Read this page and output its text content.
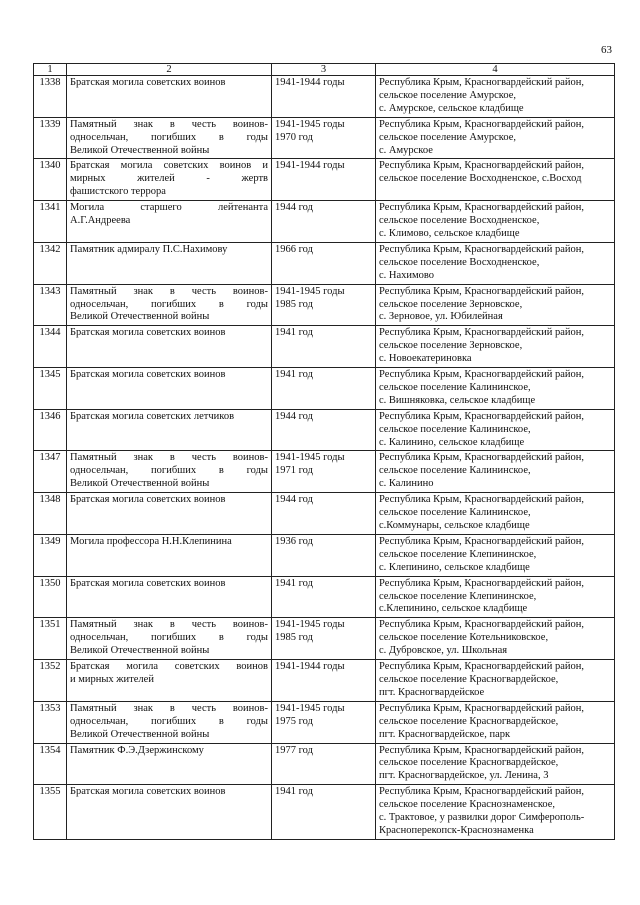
63
1	2	3	4
1338	Братская могила советских воинов	1941-1944 годы	Республика Крым, Красногвардейский район,
сельское поселение Амурское,
с. Амурское, сельское кладбище

1339	Памятный знак в честь воинов-
односельчан, погибших в годы
Великой Отечественной войны	1941-1945 годы
1970 год	Республика Крым, Красногвардейский район,
сельское поселение Амурское,
с. Амурское

1340	Братская могила советских воинов и
мирных жителей - жертв
фашистского террора	1941-1944 годы	Республика Крым, Красногвардейский район,
сельское поселение Восходненское, с.Восход

1341	Могила старшего лейтенанта
А.Г.Андреева	1944 год	Республика Крым, Красногвардейский район,
сельское поселение Восходненское,
с. Климово, сельское кладбище

1342	Памятник адмиралу П.С.Нахимову	1966 год	Республика Крым, Красногвардейский район,
сельское поселение Восходненское,
с. Нахимово

1343	Памятный знак в честь воинов-
односельчан, погибших в годы
Великой Отечественной войны	1941-1945 годы
1985 год	Республика Крым, Красногвардейский район,
сельское поселение Зерновское,
с. Зерновое, ул. Юбилейная

1344	Братская могила советских воинов	1941 год	Республика Крым, Красногвардейский район,
сельское поселение Зерновское,
с. Новоекатериновка

1345	Братская могила советских воинов	1941 год	Республика Крым, Красногвардейский район,
сельское поселение Калининское,
с. Вишняковка, сельское кладбище

1346	Братская могила советских летчиков	1944 год	Республика Крым, Красногвардейский район,
сельское поселение Калининское,
с. Калинино, сельское кладбище

1347	Памятный знак в честь воинов-
односельчан, погибших в годы
Великой Отечественной войны	1941-1945 годы
1971 год	Республика Крым, Красногвардейский район,
сельское поселение Калининское,
с. Калинино

1348	Братская могила советских воинов	1944 год	Республика Крым, Красногвардейский район,
сельское поселение Калининское,
с.Коммунары, сельское кладбище

1349	Могила профессора Н.Н.Клепинина	1936 год	Республика Крым, Красногвардейский район,
сельское поселение Клепининское,
с. Клепинино, сельское кладбище

1350	Братская могила советских воинов	1941 год	Республика Крым, Красногвардейский район,
сельское поселение Клепининское,
с.Клепинино, сельское кладбище

1351	Памятный знак в честь воинов-
односельчан, погибших в годы
Великой Отечественной войны	1941-1945 годы
1985 год	Республика Крым, Красногвардейский район,
сельское поселение Котельниковское,
с. Дубровское, ул. Школьная

1352	Братская могила советских воинов
и мирных жителей	1941-1944 годы	Республика Крым, Красногвардейский район,
сельское поселение Красногвардейское,
пгт. Красногвардейское

1353	Памятный знак в честь воинов-
односельчан, погибших в годы
Великой Отечественной войны	1941-1945 годы
1975 год	Республика Крым, Красногвардейский район,
сельское поселение Красногвардейское,
пгт. Красногвардейское, парк

1354	Памятник Ф.Э.Дзержинскому	1977 год	Республика Крым, Красногвардейский район,
сельское поселение Красногвардейское,
пгт. Красногвардейское, ул. Ленина, 3

1355	Братская могила советских воинов	1941 год	Республика Крым, Красногвардейский район,
сельское поселение Краснознаменское,
с. Трактовое, у развилки дорог Симферополь-
Красноперекопск-Краснознаменка
